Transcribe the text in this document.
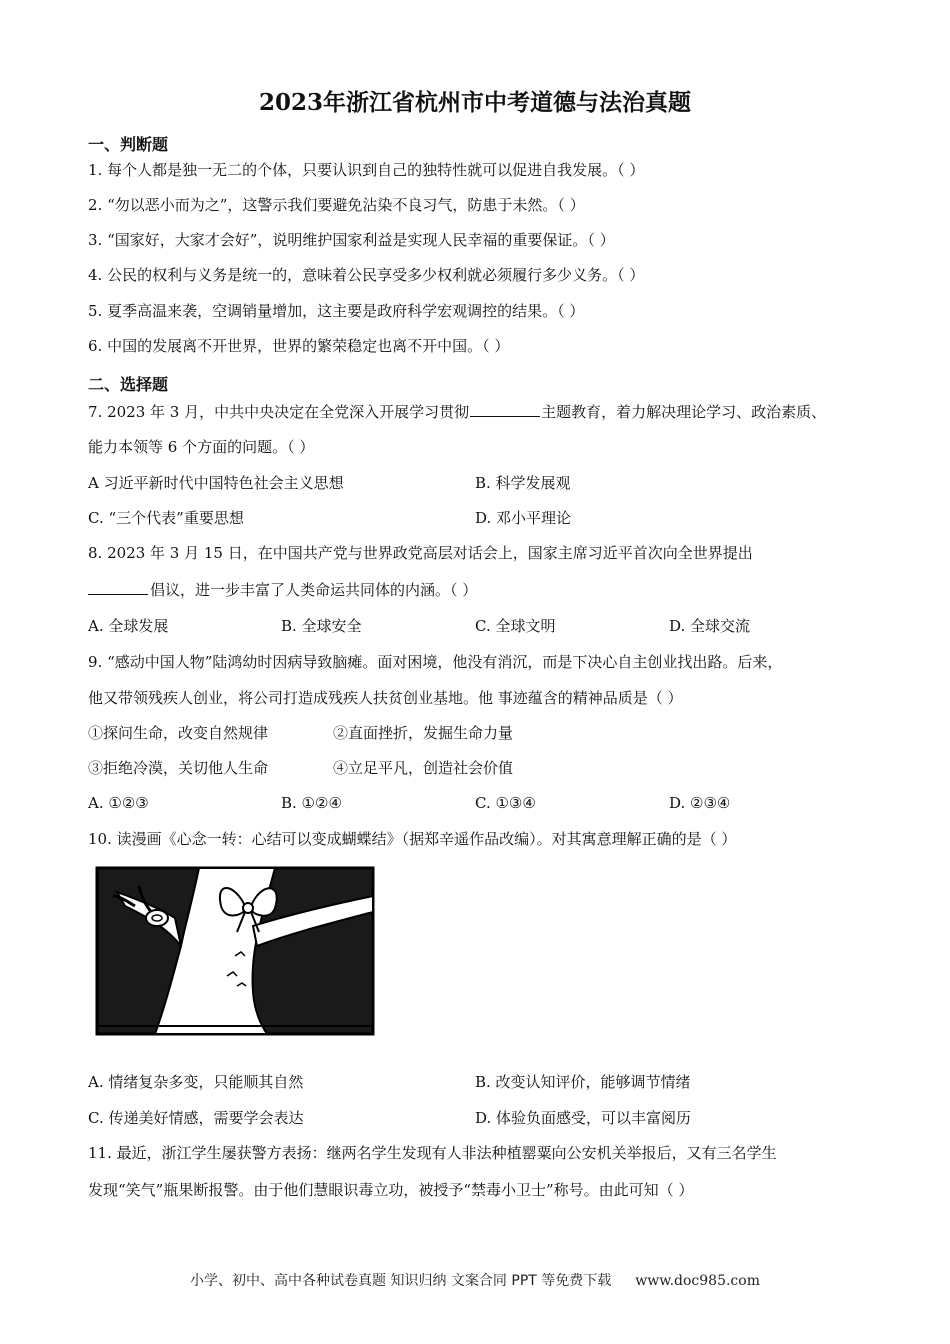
2023年浙江省杭州市中考道德与法治真题
一、判断题
1. 每个人都是独一无二的个体，只要认识到自己的独特性就可以促进自我发展。（ ）
2. “勿以恶小而为之”，这警示我们要避免沾染不良习气，防患于未然。（ ）
3. “国家好，大家才会好”，说明维护国家利益是实现人民幸福的重要保证。（ ）
4. 公民的权利与义务是统一的，意味着公民享受多少权利就必须履行多少义务。（ ）
5. 夏季高温来袭，空调销量增加，这主要是政府科学宏观调控的结果。（ ）
6. 中国的发展离不开世界，世界的繁荣稳定也离不开中国。（ ）
二、选择题
7. 2023 年 3 月，中共中央决定在全党深入开展学习贯彻	主题教育，着力解决理论学习、政治素质、
能力本领等 6 个方面的问题。（ ）
A 习近平新时代中国特色社会主义思想	B. 科学发展观
C. “三个代表”重要思想	D. 邓小平理论
8. 2023 年 3 月 15 日，在中国共产党与世界政党高层对话会上，国家主席习近平首次向全世界提出
倡议，进一步丰富了人类命运共同体的内涵。（ ）
A. 全球发展	B. 全球安全	C. 全球文明	D. 全球交流
9. “感动中国人物”陆鸿幼时因病导致脑瘫。面对困境，他没有消沉，而是下决心自主创业找出路。后来，
他又带领残疾人创业，将公司打造成残疾人扶贫创业基地。他 事迹蕴含的精神品质是（ ）
①探问生命，改变自然规律	②直面挫折，发掘生命力量
③拒绝冷漠，关切他人生命	④立足平凡，创造社会价值
A. ①②③	B. ①②④	C. ①③④	D. ②③④
10. 读漫画《心念一转：心结可以变成蝴蝶结》（据郑辛遥作品改编）。对其寓意理解正确的是（ ）
A. 情绪复杂多变，只能顺其自然	B. 改变认知评价，能够调节情绪
C. 传递美好情感，需要学会表达	D. 体验负面感受，可以丰富阅历
11. 最近，浙江学生屡获警方表扬：继两名学生发现有人非法种植罂粟向公安机关举报后，又有三名学生
发现“笑气”瓶果断报警。由于他们慧眼识毒立功，被授予“禁毒小卫士”称号。由此可知（ ）
小学、初中、高中各种试卷真题 知识归纳 文案合同 PPT 等免费下载 www.doc985.com
